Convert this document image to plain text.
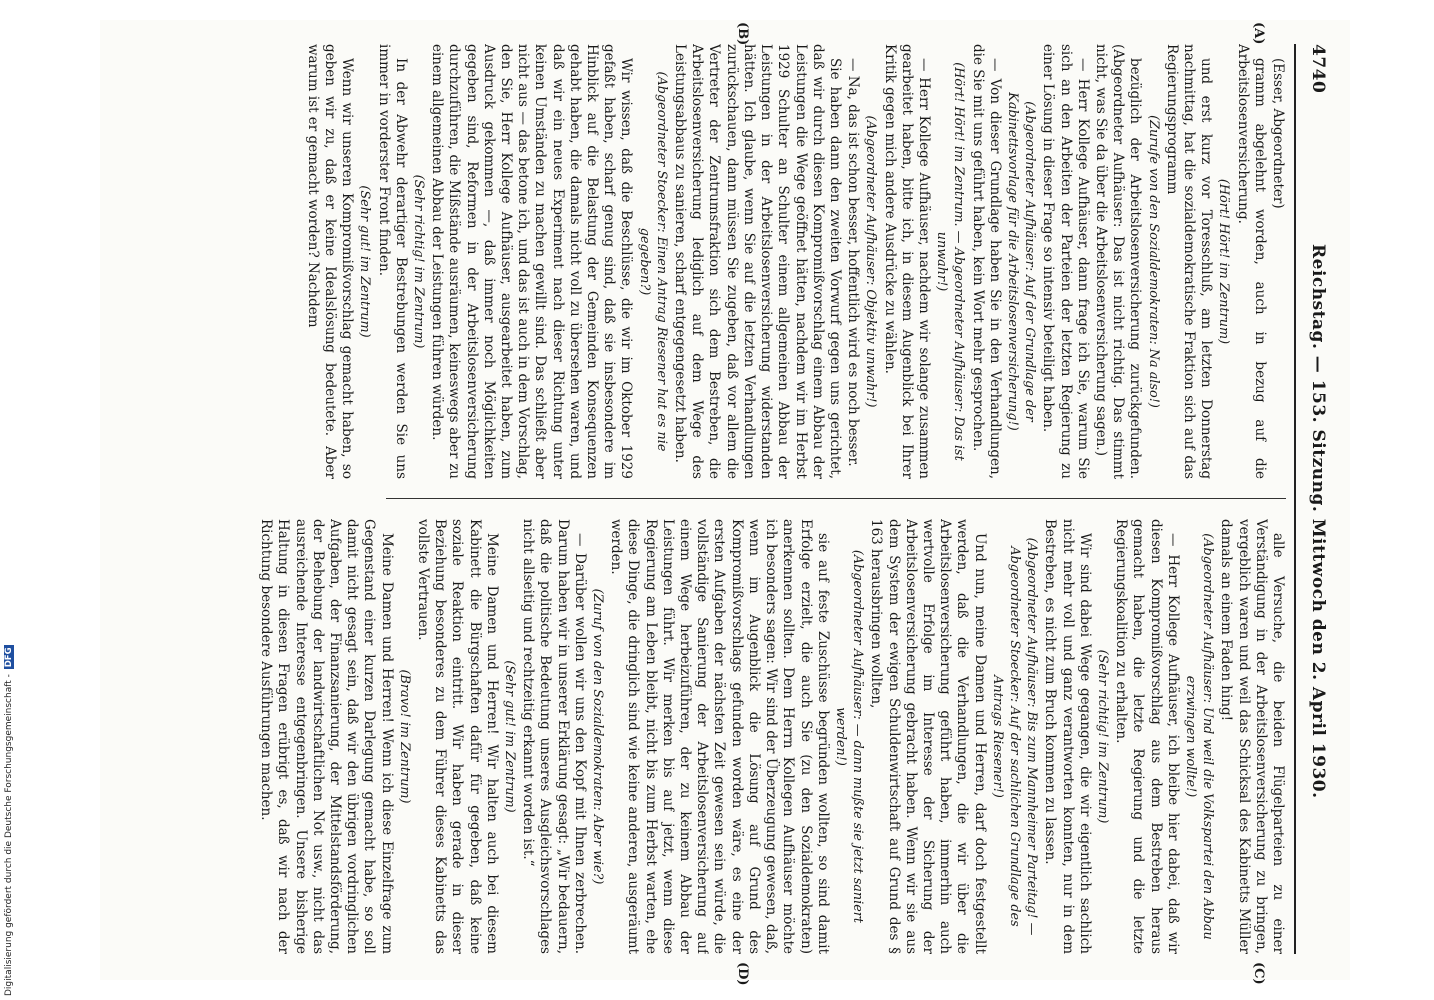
4740
Reichstag. — 153. Sitzung. Mittwoch den 2. April 1930.
(A)
(B)
(C)
(D)

(Esser, Abgeordneter)

gramm abgelehnt worden, auch in bezug auf die Arbeitslosenversicherung.

(Hört! Hört! im Zentrum)

und erst kurz vor Toresschluß, am letzten Donnerstag nachmittag, hat die sozialdemokratische Fraktion sich auf das Regierungsprogramm

(Zurufe von den Sozialdemokraten: Na also!)

bezüglich der Arbeitslosenversicherung zurückgefunden. (Abgeordneter Aufhäuser: Das ist nicht richtig. Das stimmt nicht, was Sie da über die Arbeitslosenversicherung sagen.)

— Herr Kollege Aufhäuser, dann frage ich Sie, warum Sie sich an den Arbeiten der Parteien der letzten Regierung zu einer Lösung in dieser Frage so intensiv beteiligt haben.

(Abgeordneter Aufhäuser: Auf der Grundlage der Kabinettsvorlage für die Arbeitslosenversicherung!)

— Von dieser Grundlage haben Sie in den Verhandlungen, die Sie mit uns geführt haben, kein Wort mehr gesprochen.

(Hört! Hört! im Zentrum. — Abgeordneter Aufhäuser: Das ist unwahr!)

— Herr Kollege Aufhäuser, nachdem wir solange zusammen gearbeitet haben, bitte ich, in diesem Augenblick bei Ihrer Kritik gegen mich andere Ausdrücke zu wählen.

(Abgeordneter Aufhäuser: Objektiv unwahr!)

— Na, das ist schon besser, hoffentlich wird es noch besser.

Sie haben dann den zweiten Vorwurf gegen uns gerichtet, daß wir durch diesen Kompromißvorschlag einem Abbau der Leistungen die Wege geöffnet hätten, nachdem wir im Herbst 1929 Schulter an Schulter einem allgemeinen Abbau der Leistungen in der Arbeitslosenversicherung widerstanden hätten. Ich glaube, wenn Sie auf die letzten Verhandlungen zurückschauen, dann müssen Sie zugeben, daß vor allem die Vertreter der Zentrumsfraktion sich dem Bestreben, die Arbeitslosenversicherung lediglich auf dem Wege des Leistungsabbaus zu sanieren, scharf entgegengesetzt haben.

(Abgeordneter Stoecker: Einen Antrag Riesener hat es nie gegeben?)

Wir wissen, daß die Beschlüsse, die wir im Oktober 1929 gefaßt haben, scharf genug sind, daß sie insbesondere im Hinblick auf die Belastung der Gemeinden Konsequenzen gehabt haben, die damals nicht voll zu übersehen waren, und daß wir ein neues Experiment nach dieser Richtung unter keinen Umständen zu machen gewillt sind. Das schließt aber nicht aus — das betone ich, und das ist auch in dem Vorschlag, den Sie, Herr Kollege Aufhäuser, ausgearbeitet haben, zum Ausdruck gekommen —, daß immer noch Möglichkeiten gegeben sind, Reformen in der Arbeitslosenversicherung durchzuführen, die Mißstände ausräumen, keineswegs aber zu einem allgemeinen Abbau der Leistungen führen würden.

(Sehr richtig! im Zentrum)

In der Abwehr derartiger Bestrebungen werden Sie uns immer in vorderster Front finden.

(Sehr gut! im Zentrum)

Wenn wir unseren Kompromißvorschlag gemacht haben, so geben wir zu, daß er keine Idealslösung bedeutete. Aber warum ist er gemacht worden? Nachdem

alle Versuche, die beiden Flügelparteien zu einer Verständigung in der Arbeitslosenversicherung zu bringen, vergeblich waren und weil das Schicksal des Kabinetts Müller damals an einem Faden hing!

(Abgeordneter Aufhäuser: Und weil die Volkspartei den Abbau erzwingen wollte!)

— Herr Kollege Aufhäuser, ich bleibe hier dabei, daß wir diesen Kompromißvorschlag aus dem Bestreben heraus gemacht haben, die letzte Regierung und die letzte Regierungskoalition zu erhalten.

(Sehr richtig! im Zentrum)

Wir sind dabei Wege gegangen, die wir eigentlich sachlich nicht mehr voll und ganz verantworten konnten, nur in dem Bestreben, es nicht zum Bruch kommen zu lassen.

(Abgeordneter Aufhäuser: Bis zum Mannheimer Parteitag! — Abgeordneter Stoecker: Auf der sachlichen Grundlage des Antrags Riesener!)

Und nun, meine Damen und Herren, darf doch festgestellt werden, daß die Verhandlungen, die wir über die Arbeitslosenversicherung geführt haben, immerhin auch wertvolle Erfolge im Interesse der Sicherung der Arbeitslosenversicherung gebracht haben. Wenn wir sie aus dem System der ewigen Schuldenwirtschaft auf Grund des § 163 herausbringen wollten,

(Abgeordneter Aufhäuser: — dann mußte sie jetzt saniert werden!)

sie auf feste Zuschüsse begründen wollten, so sind damit Erfolge erzielt, die auch Sie (zu den Sozialdemokraten) anerkennen sollten. Dem Herrn Kollegen Aufhäuser möchte ich besonders sagen: Wir sind der Überzeugung gewesen, daß, wenn im Augenblick die Lösung auf Grund des Kompromißvorschlags gefunden worden wäre, es eine der ersten Aufgaben der nächsten Zeit gewesen sein würde, die vollständige Sanierung der Arbeitslosenversicherung auf einem Wege herbeizuführen, der zu keinem Abbau der Leistungen führt. Wir merken bis auf jetzt, wenn diese Regierung am Leben bleibt, nicht bis zum Herbst warten, ehe diese Dinge, die dringlich sind wie keine anderen, ausgeräumt werden.

(Zuruf von den Sozialdemokraten: Aber wie?)

— Darüber wollen wir uns den Kopf mit Ihnen zerbrechen. Darum haben wir in unserer Erklärung gesagt: „Wir bedauern, daß die politische Bedeutung unseres Ausgleichsvorschlages nicht allseitig und rechtzeitig erkannt worden ist.“

(Sehr gut! im Zentrum)

Meine Damen und Herren! Wir halten auch bei diesem Kabinett die Bürgschaften dafür für gegeben, daß keine soziale Reaktion eintritt. Wir haben gerade in dieser Beziehung besonderes zu dem Führer dieses Kabinetts das vollste Vertrauen.

(Bravo! im Zentrum)

Meine Damen und Herren! Wenn ich diese Einzelfrage zum Gegenstand einer kurzen Darlegung gemacht habe, so soll damit nicht gesagt sein, daß wir den übrigen vordringlichen Aufgaben, der Finanzsanierung, der Mittelstandsförderung, der Behebung der landwirtschaftlichen Not usw., nicht das ausreichende Interesse entgegenbringen. Unsere bisherige Haltung in diesen Fragen erübrigt es, daß wir nach der Richtung besondere Ausführungen machen.

Digitalisierung gefördert durch die Deutsche Forschungsgemeinschaft - DFG
